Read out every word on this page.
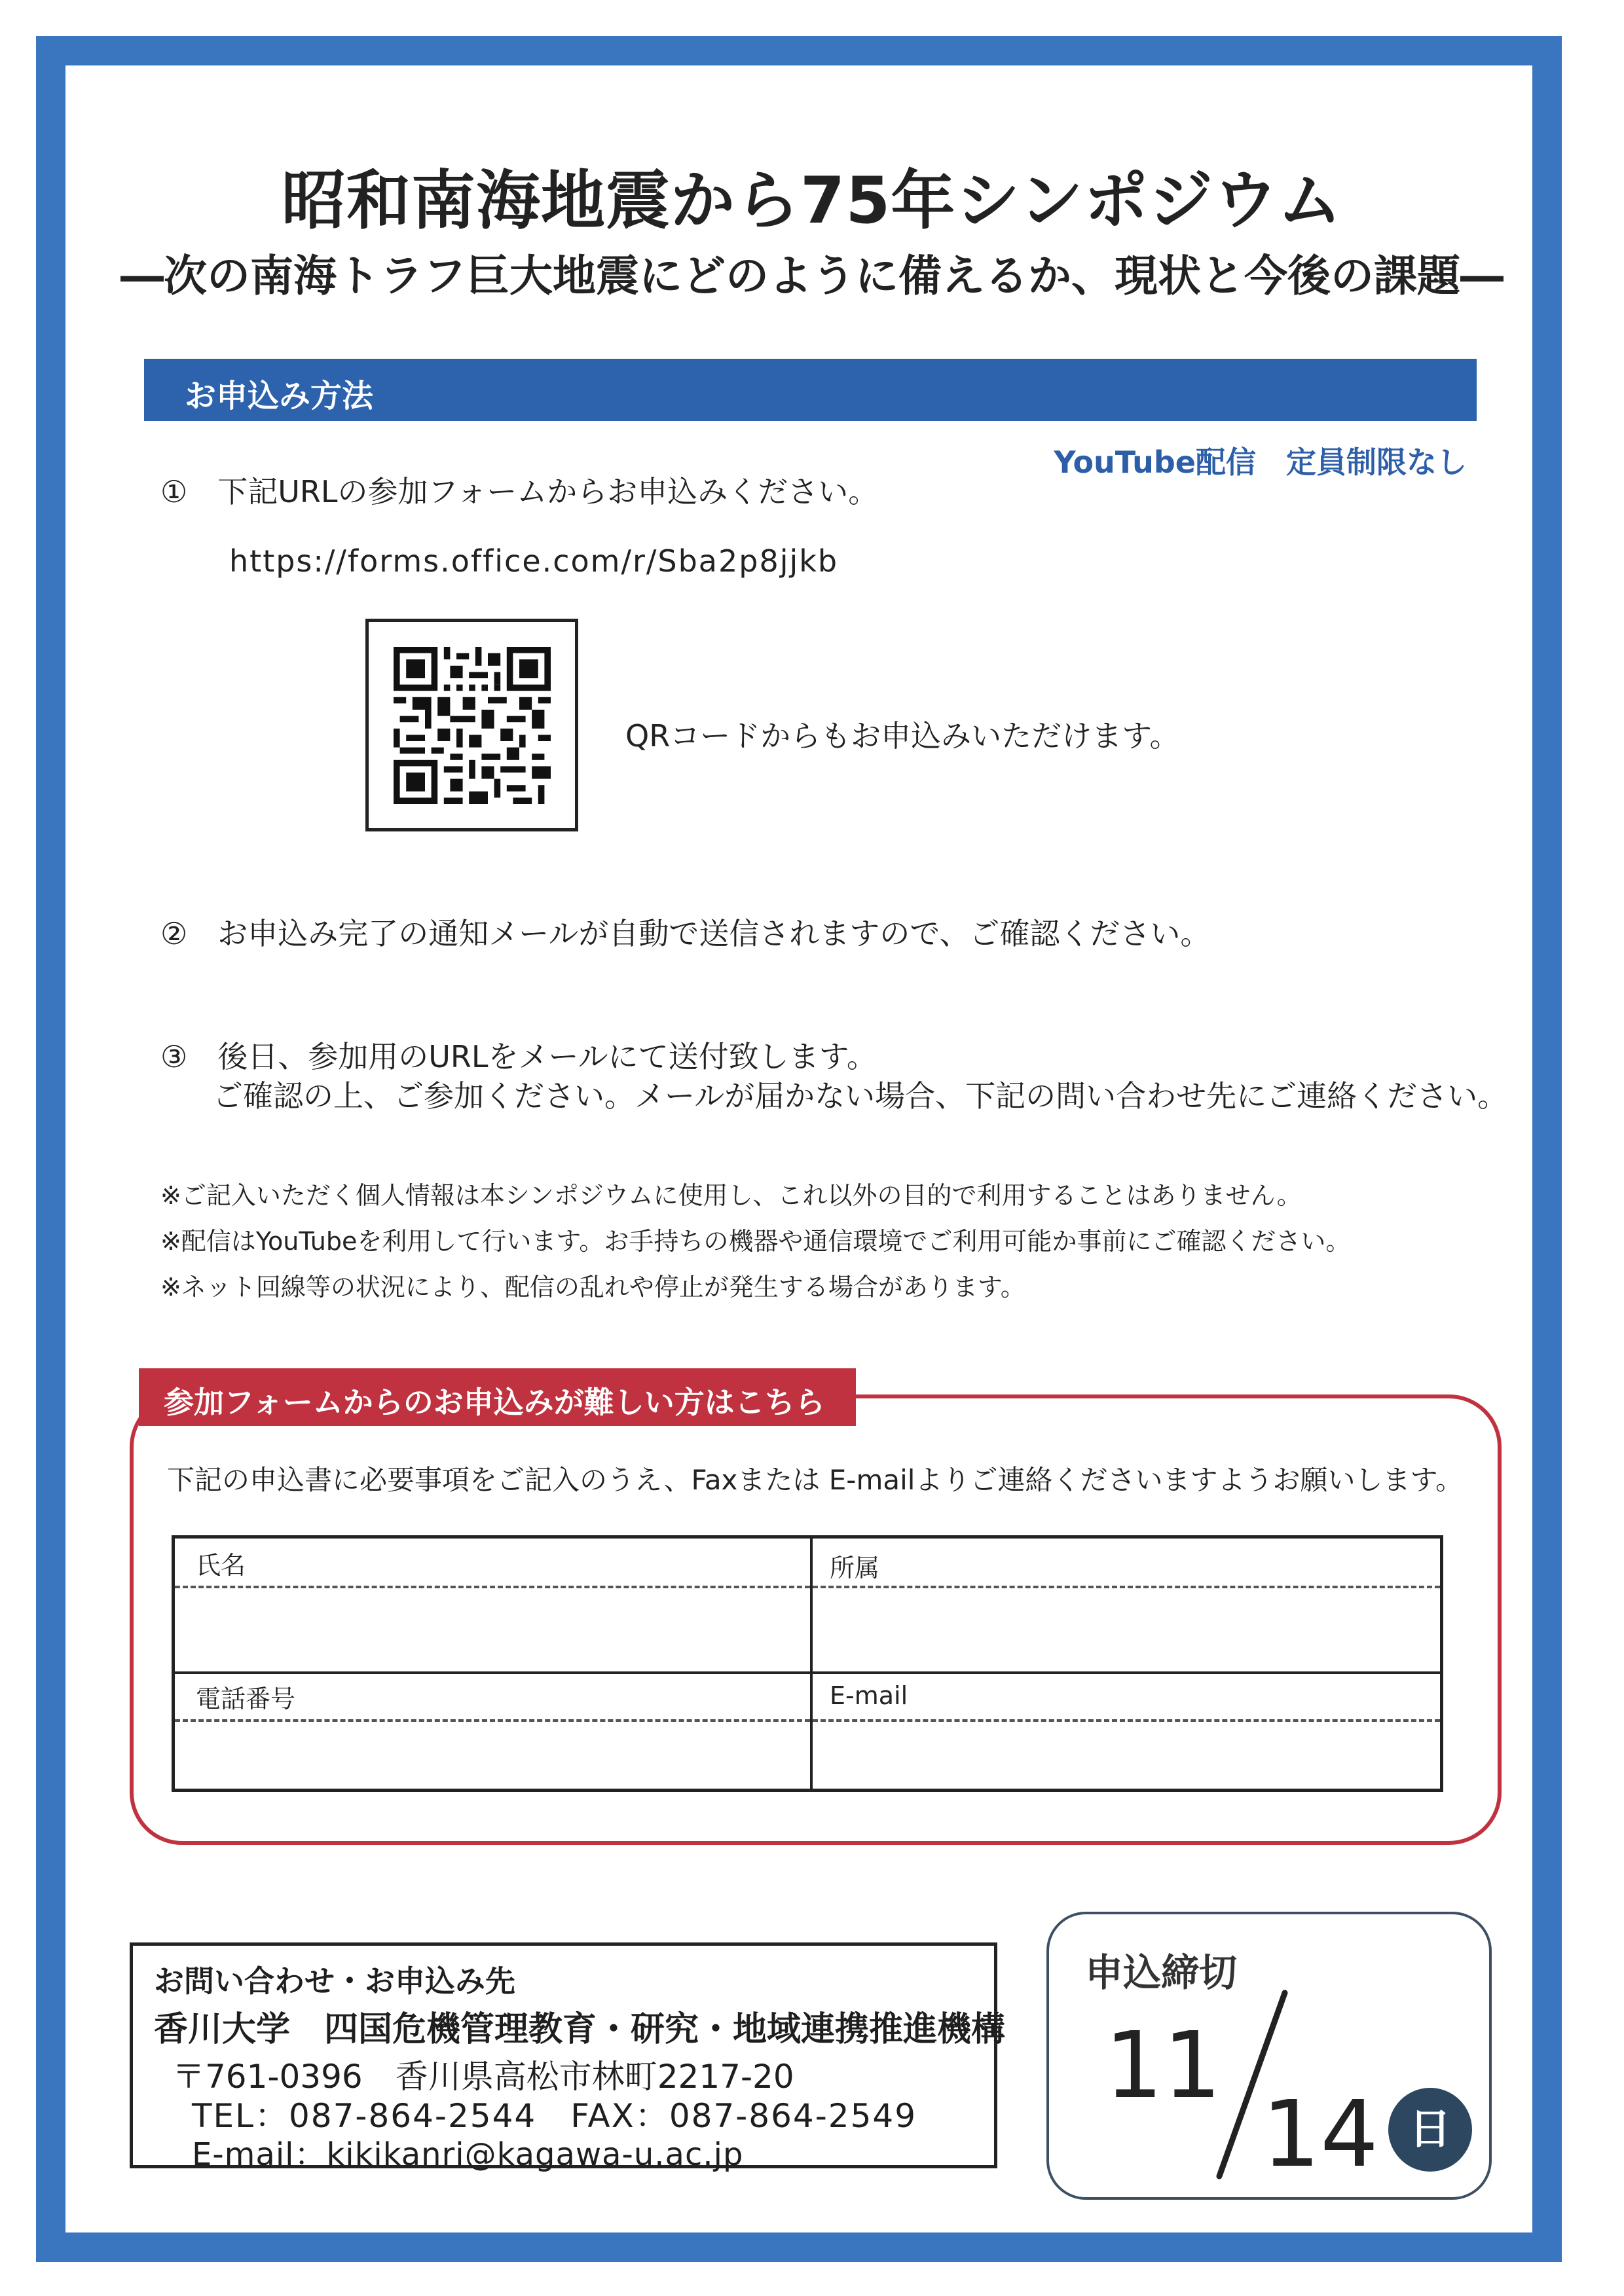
昭和南海地震から75年シンポジウム
―次の南海トラフ巨大地震にどのように備えるか、現状と今後の課題―
お申込み方法
YouTube配信　定員制限なし
①　下記URLの参加フォームからお申込みください。
https://forms.office.com/r/Sba2p8jjkb
QRコードからもお申込みいただけます。
②　お申込み完了の通知メールが自動で送信されますので、ご確認ください。
③　後日、参加用のURLをメールにて送付致します。
ご確認の上、ご参加ください。メールが届かない場合、下記の問い合わせ先にご連絡ください。
※ご記入いただく個人情報は本シンポジウムに使用し、これ以外の目的で利用することはありません。
※配信はYouTubeを利用して行います。お手持ちの機器や通信環境でご利用可能か事前にご確認ください。
※ネット回線等の状況により、配信の乱れや停止が発生する場合があります。
参加フォームからのお申込みが難しい方はこちら
下記の申込書に必要事項をご記入のうえ、Faxまたは E-mailよりご連絡くださいますようお願いします。
氏名	所属
電話番号	E-mail
お問い合わせ・お申込み先
香川大学　四国危機管理教育・研究・地域連携推進機構
〒761-0396　香川県高松市林町2217-20
TEL：087-864-2544　FAX：087-864-2549
E-mail：kikikanri@kagawa-u.ac.jp
申込締切
11
14 日
